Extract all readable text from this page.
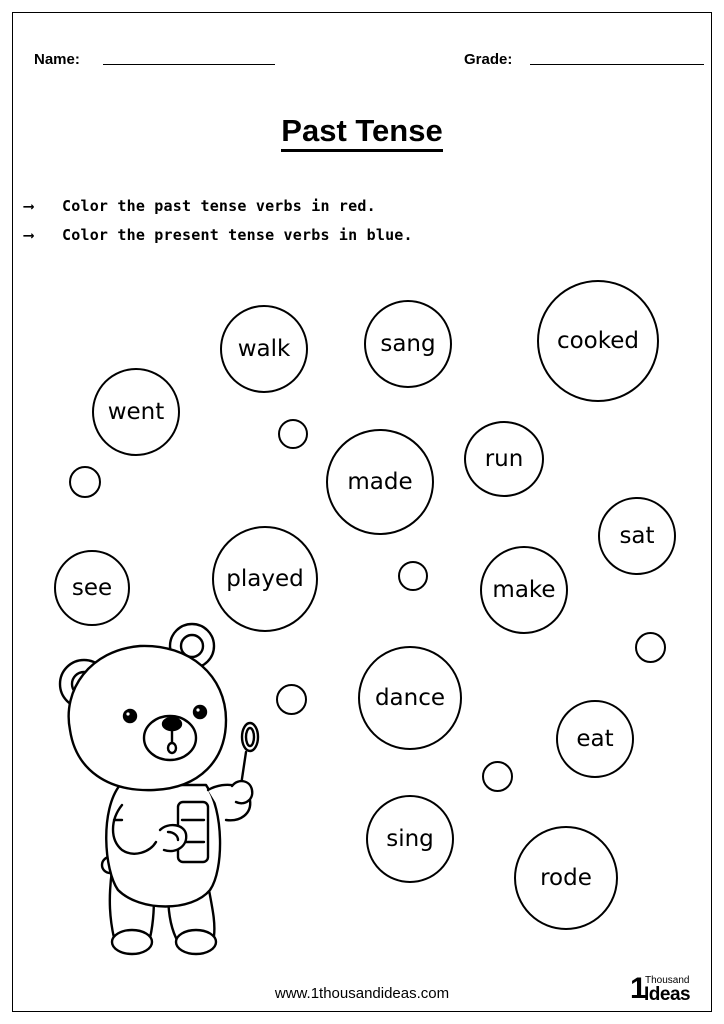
Name:	Grade:
Past Tense
⟶ Color the past tense verbs in red.
⟶ Color the present tense verbs in blue.
walk	sang	cooked
went
run
made
sat
see	played	make
dance
eat
sing
rode
www.1thousandideas.com	1
Thousand
Ideas
